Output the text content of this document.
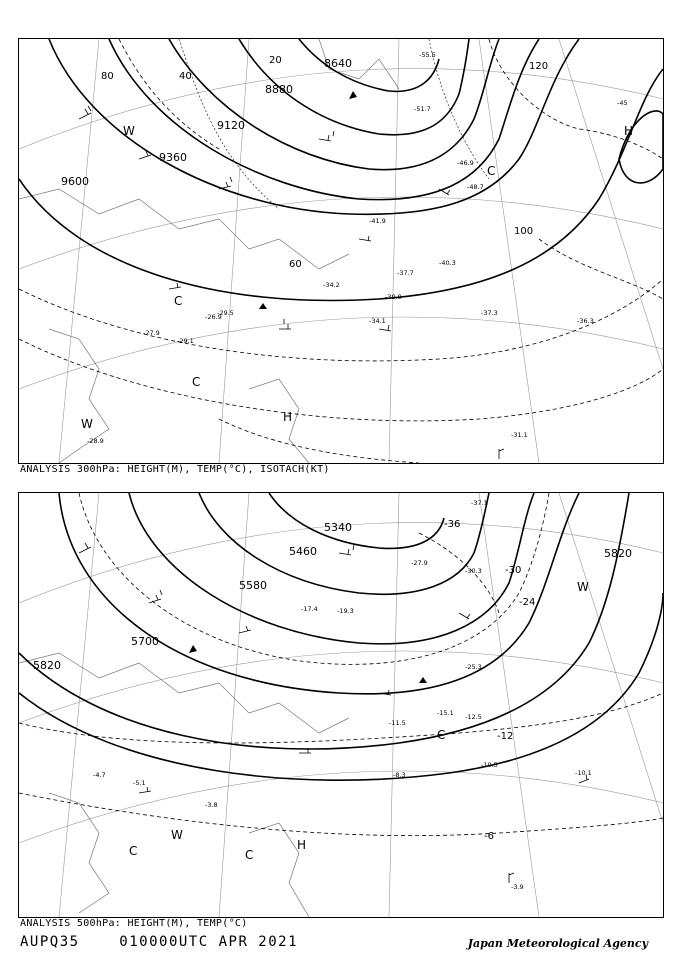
8640
8880
9120
9360
9600
80	40
20
100
120
60
H
C
W
C
W	H
C
-55.5
-51.7
-46.9
-48.7
-45
-41.9
-40.3
-37.7
-37.3
-39.9
-34.1
-34.2
-36.3
-31.1
-29.5
-28.9
-27.9
-29.1
-26.9
ANALYSIS 300hPa: HEIGHT(M), TEMP(°C), ISOTACH(KT)
5340
5460
5580
5700
5820
5820
-36
-30
-24
-12
-6
W
C
C
W
C
H
-37.1
-30.3
-27.9
-25.3
-19.3
-17.4
-15.1 -12.5
-11.5
-10.5
-10.1
-8.3
-5.1
-4.7
-3.9
-3.8
ANALYSIS 500hPa: HEIGHT(M), TEMP(°C)
AUPQ35	010000UTC APR 2021	Japan Meteorological Agency
